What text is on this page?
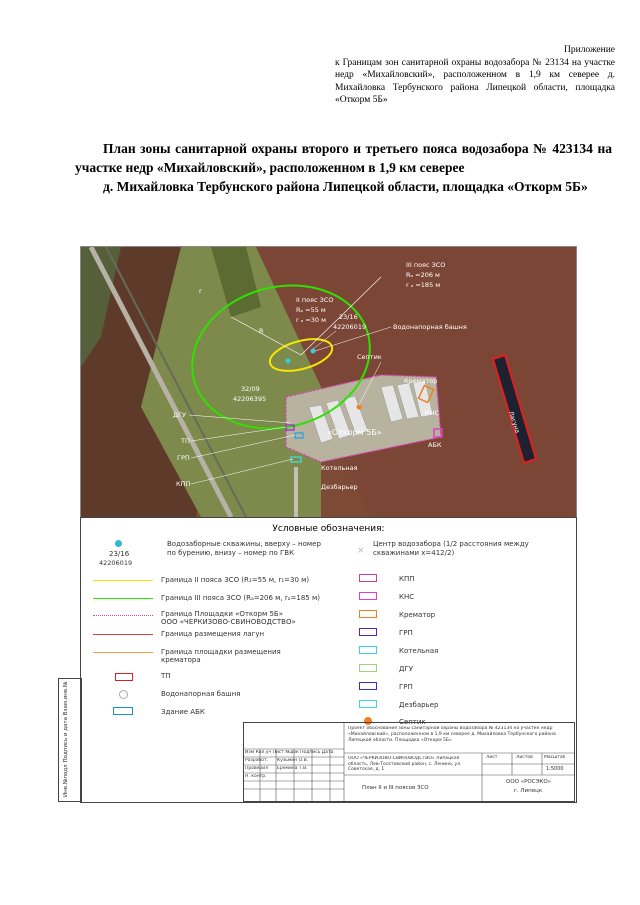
Приложение
к Границам зон санитарной охраны водозабора № 23134 на участке недр «Михайловский», расположенном в 1,9 км северее д. Михайловка Тербунского района Липецкой области, площадка «Откорм 5Б»

План зоны санитарной охраны второго и третьего пояса водозабора № 423134 на участке недр «Михайловский», расположенном в 1,9 км северее

д. Михайловка Тербунского района Липецкой области, площадка «Откорм 5Б»

Лагуна
III пояс ЗСО
Rₐ =206 м
r ₐ =185 м
II пояс ЗСО
Rₐ =55 м
r ₐ =30 м 23/16
42206019
32/09
42206395
R
r
Водонапорная башня
Септик
Крематор
КНС
АБК
«Откорм 5Б»
Котельная
Дезбарьер
КПП
ГРП
ТП
ДГУ
Условные обозначения:
23/16
42206019
Водозаборные скважины, вверху – номер по бурению, внизу – номер по ГВК	×
Центр водозабора (1/2 расстояния между скважинами x=412/2)
Граница II пояса ЗСО (R₁=55 м, r₁=30 м)
Граница III пояса ЗСО (Rₐ=206 м, rₐ=185 м)
Граница Площадки «Откорм 5Б»
ООО «ЧЕРКИЗОВО-СВИНОВОДСТВО»
Граница размещения лагун
Граница площадки размещения
крематора
ТП
Водонапорная башня
Здание АБК
КПП
КНС
Крематор
ГРП
Котельная
ДГУ
ГРП
Дезбарьер
Септик
Инв.№подл Подпись и дата Взам.инв.№	Проект обоснования зоны санитарной охраны водозабора № 423134 на участке недр «Михайловский», расположенном в 1,9 км северее д. Михайловка Тербунского района Липецкой области. Площадка «Откорм 5Б»
Изм Кол.уч Лист №док Подпись Дата
Разработ. Кузьмин О.В.
Проверил Ерёмина Т.В.
Н. контр.
ООО «ЧЕРКИЗОВО-СВИНОВОДСТВО» Липецкая область, Лев-Толстовский район, с. Ленино, ул. Советская, д. 1
Лист	Листов Масштаб
1:5000
План II и III поясов ЗСО
ООО «РОСЭКО»
г. Липецк
